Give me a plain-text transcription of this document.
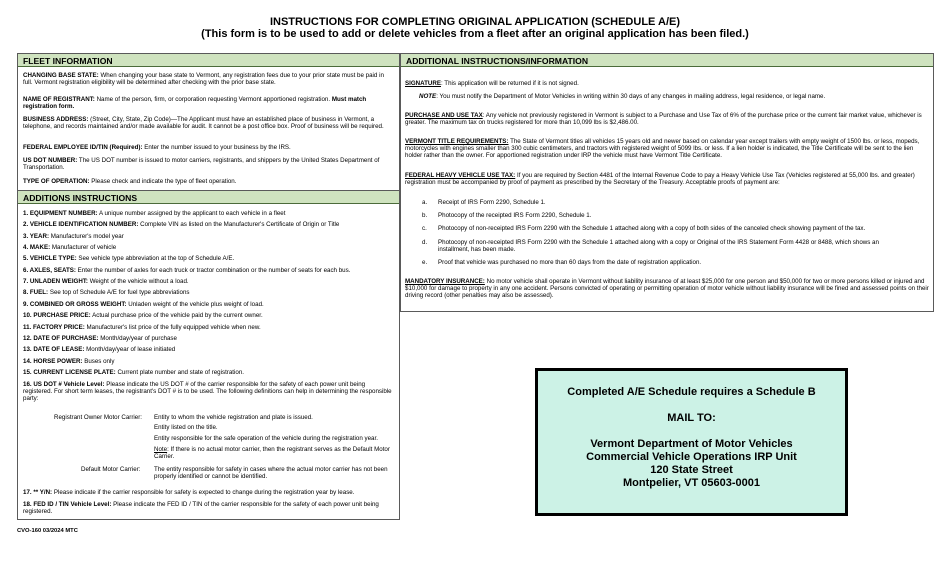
INSTRUCTIONS FOR COMPLETING ORIGINAL APPLICATION (SCHEDULE A/E)
(This form is to be used to add or delete vehicles from a fleet after an original application has been filed.)
FLEET INFORMATION

CHANGING BASE STATE: When changing your base state to Vermont, any registration fees due to your prior state must be paid in full. Vermont registration eligibility will be determined after checking with the prior base state.

NAME OF REGISTRANT: Name of the person, firm, or corporation requesting Vermont apportioned registration. Must match registration form.

BUSINESS ADDRESS: (Street, City, State, Zip Code)—The Applicant must have an established place of business in Vermont, a telephone, and records maintained and/or made available for audit. It cannot be a post office box. Proof of business will be required.

FEDERAL EMPLOYEE ID/TIN (Required): Enter the number issued to your business by the IRS.

US DOT NUMBER: The US DOT number is issued to motor carriers, registrants, and shippers by the United States Department of Transportation.

TYPE OF OPERATION: Please check and indicate the type of fleet operation.

ADDITIONS INSTRUCTIONS

1. EQUIPMENT NUMBER: A unique number assigned by the applicant to each vehicle in a fleet

2. VEHICLE IDENTIFICATION NUMBER: Complete VIN as listed on the Manufacturer's Certificate of Origin or Title

3. YEAR: Manufacturer's model year

4. MAKE: Manufacturer of vehicle

5. VEHICLE TYPE: See vehicle type abbreviation at the top of Schedule A/E.

6. AXLES, SEATS: Enter the number of axles for each truck or tractor combination or the number of seats for each bus.

7. UNLADEN WEIGHT: Weight of the vehicle without a load.

8. FUEL: See top of Schedule A/E for fuel type abbreviations

9. COMBINED OR GROSS WEIGHT: Unladen weight of the vehicle plus weight of load.

10. PURCHASE PRICE: Actual purchase price of the vehicle paid by the current owner.

11. FACTORY PRICE: Manufacturer's list price of the fully equipped vehicle when new.

12. DATE OF PURCHASE: Month/day/year of purchase

13. DATE OF LEASE: Month/day/year of lease initiated

14. HORSE POWER: Buses only

15. CURRENT LICENSE PLATE: Current plate number and state of registration.

16. US DOT # Vehicle Level: Please indicate the US DOT # of the carrier responsible for the safety of each power unit being registered. For short term leases, the registrant's DOT # is to be used. The following definitions can help in determining the responsible party:

Registrant Owner Motor Carrier: Entity to whom the vehicle registration and plate is issued.

Entity listed on the title.

Entity responsible for the safe operation of the vehicle during the registration year.

Note: If there is no actual motor carrier, then the registrant serves as the Default Motor Carrier.

Default Motor Carrier: The entity responsible for safety in cases where the actual motor carrier has not been properly identified or cannot be identified.

17. ** Y/N: Please indicate if the carrier responsible for safety is expected to change during the registration year by lease.

18. FED ID / TIN Vehicle Level: Please indicate the FED ID / TIN of the carrier responsible for the safety of each power unit being registered.

ADDITIONAL INSTRUCTIONS/INFORMATION

SIGNATURE: This application will be returned if it is not signed.

NOTE: You must notify the Department of Motor Vehicles in writing within 30 days of any changes in mailing address, legal residence, or legal name.

PURCHASE AND USE TAX: Any vehicle not previously registered in Vermont is subject to a Purchase and Use Tax of 6% of the purchase price or the current fair market value, whichever is greater. The maximum tax on trucks registered for more than 10,099 lbs is $2,486.00.

VERMONT TITLE REQUIREMENTS: The State of Vermont titles all vehicles 15 years old and newer based on calendar year except trailers with empty weight of 1500 lbs. or less, mopeds, motorcycles with engines smaller than 300 cubic centimeters, and tractors with registered weight of 5099 lbs. or less. If a lien holder is indicated, the Title Certificate will be sent to the lien holder rather than the owner. For apportioned registration under IRP the vehicle must have Vermont Title Certificate.

FEDERAL HEAVY VEHICLE USE TAX: If you are required by Section 4481 of the Internal Revenue Code to pay a Heavy Vehicle Use Tax (Vehicles registered at 55,000 lbs. and greater) registration must be accompanied by proof of payment as prescribed by the Secretary of the Treasury. Acceptable proofs of payment are:

a. Receipt of IRS Form 2290, Schedule 1.

b. Photocopy of the receipted IRS Form 2290, Schedule 1.

c. Photocopy of non-receipted IRS Form 2290 with the Schedule 1 attached along with a copy of both sides of the canceled check showing payment of the tax.

d. Photocopy of non-receipted IRS Form 2290 with the Schedule 1 attached along with a copy or Original of the IRS Statement Form 4428 or 8488, which shows an installment, has been made.

e. Proof that vehicle was purchased no more than 60 days from the date of registration application.

MANDATORY INSURANCE: No motor vehicle shall operate in Vermont without liability insurance of at least $25,000 for one person and $50,000 for two or more persons killed or injured and $10,000 for damage to property in any one accident. Persons convicted of operating or permitting operation of motor vehicle without liability insurance will be fined and assessed points on their driving record (other penalties may also be assessed).

Completed A/E Schedule requires a Schedule B
MAIL TO:
Vermont Department of Motor Vehicles
Commercial Vehicle Operations IRP Unit
120 State Street
Montpelier, VT 05603-0001
CVO-160 03/2024 MTC
